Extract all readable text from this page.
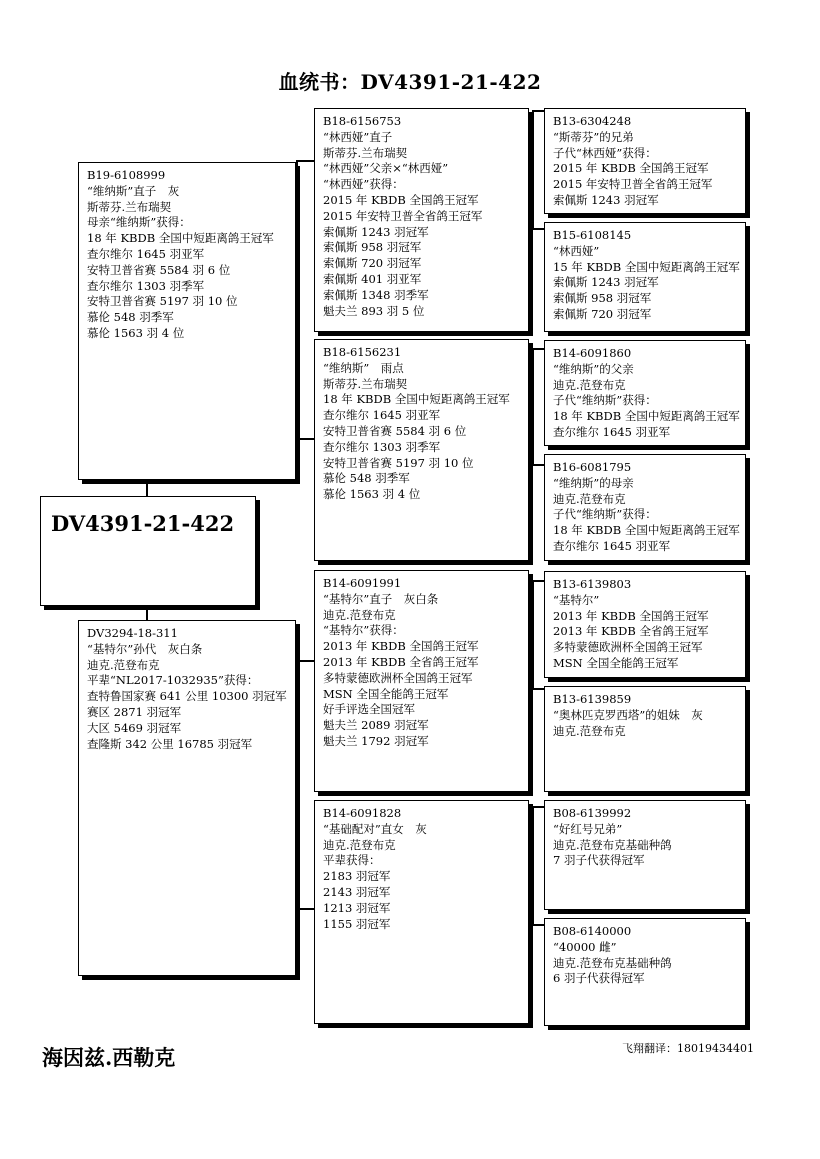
血统书：DV4391-21-422
DV4391-21-422
B19-6108999
“维纳斯”直子　灰
斯蒂芬.兰布瑞契
母亲“维纳斯”获得：
18 年 KBDB 全国中短距离鸽王冠军
查尔维尔 1645 羽亚军
安特卫普省赛 5584 羽 6 位
查尔维尔 1303 羽季军
安特卫普省赛 5197 羽 10 位
慕伦 548 羽季军
慕伦 1563 羽 4 位
DV3294-18-311
“基特尔”孙代　灰白条
迪克.范登布克
平辈“NL2017-1032935”获得：
查特鲁国家赛 641 公里 10300 羽冠军
赛区 2871 羽冠军
大区 5469 羽冠军
查隆斯 342 公里 16785 羽冠军
B18-6156753
“林西娅”直子
斯蒂芬.兰布瑞契
“林西娅”父亲×“林西娅”
“林西娅”获得：
2015 年 KBDB 全国鸽王冠军
2015 年安特卫普全省鸽王冠军
索佩斯 1243 羽冠军
索佩斯 958 羽冠军
索佩斯 720 羽冠军
索佩斯 401 羽亚军
索佩斯 1348 羽季军
魁夫兰 893 羽 5 位
B18-6156231
“维纳斯”　雨点
斯蒂芬.兰布瑞契
18 年 KBDB 全国中短距离鸽王冠军
查尔维尔 1645 羽亚军
安特卫普省赛 5584 羽 6 位
查尔维尔 1303 羽季军
安特卫普省赛 5197 羽 10 位
慕伦 548 羽季军
慕伦 1563 羽 4 位
B14-6091991
“基特尔”直子　灰白条
迪克.范登布克
“基特尔”获得：
2013 年 KBDB 全国鸽王冠军
2013 年 KBDB 全省鸽王冠军
多特蒙德欧洲杯全国鸽王冠军
MSN 全国全能鸽王冠军
好手评选全国冠军
魁夫兰 2089 羽冠军
魁夫兰 1792 羽冠军
B14-6091828
“基础配对”直女　灰
迪克.范登布克
平辈获得：
2183 羽冠军
2143 羽冠军
1213 羽冠军
1155 羽冠军
B13-6304248
“斯蒂芬”的兄弟
子代“林西娅”获得：
2015 年 KBDB 全国鸽王冠军
2015 年安特卫普全省鸽王冠军
索佩斯 1243 羽冠军
B15-6108145
“林西娅”
15 年 KBDB 全国中短距离鸽王冠军
索佩斯 1243 羽冠军
索佩斯 958 羽冠军
索佩斯 720 羽冠军
B14-6091860
“维纳斯”的父亲
迪克.范登布克
子代“维纳斯”获得：
18 年 KBDB 全国中短距离鸽王冠军
查尔维尔 1645 羽亚军
B16-6081795
“维纳斯”的母亲
迪克.范登布克
子代“维纳斯”获得：
18 年 KBDB 全国中短距离鸽王冠军
查尔维尔 1645 羽亚军
B13-6139803
“基特尔”
2013 年 KBDB 全国鸽王冠军
2013 年 KBDB 全省鸽王冠军
多特蒙德欧洲杯全国鸽王冠军
MSN 全国全能鸽王冠军
B13-6139859
“奥林匹克罗西塔”的姐妹　灰
迪克.范登布克
B08-6139992
“好红号兄弟”
迪克.范登布克基础种鸽
7 羽子代获得冠军
B08-6140000
“40000 雌”
迪克.范登布克基础种鸽
6 羽子代获得冠军
海因兹.西勒克	飞翔翻译：18019434401
